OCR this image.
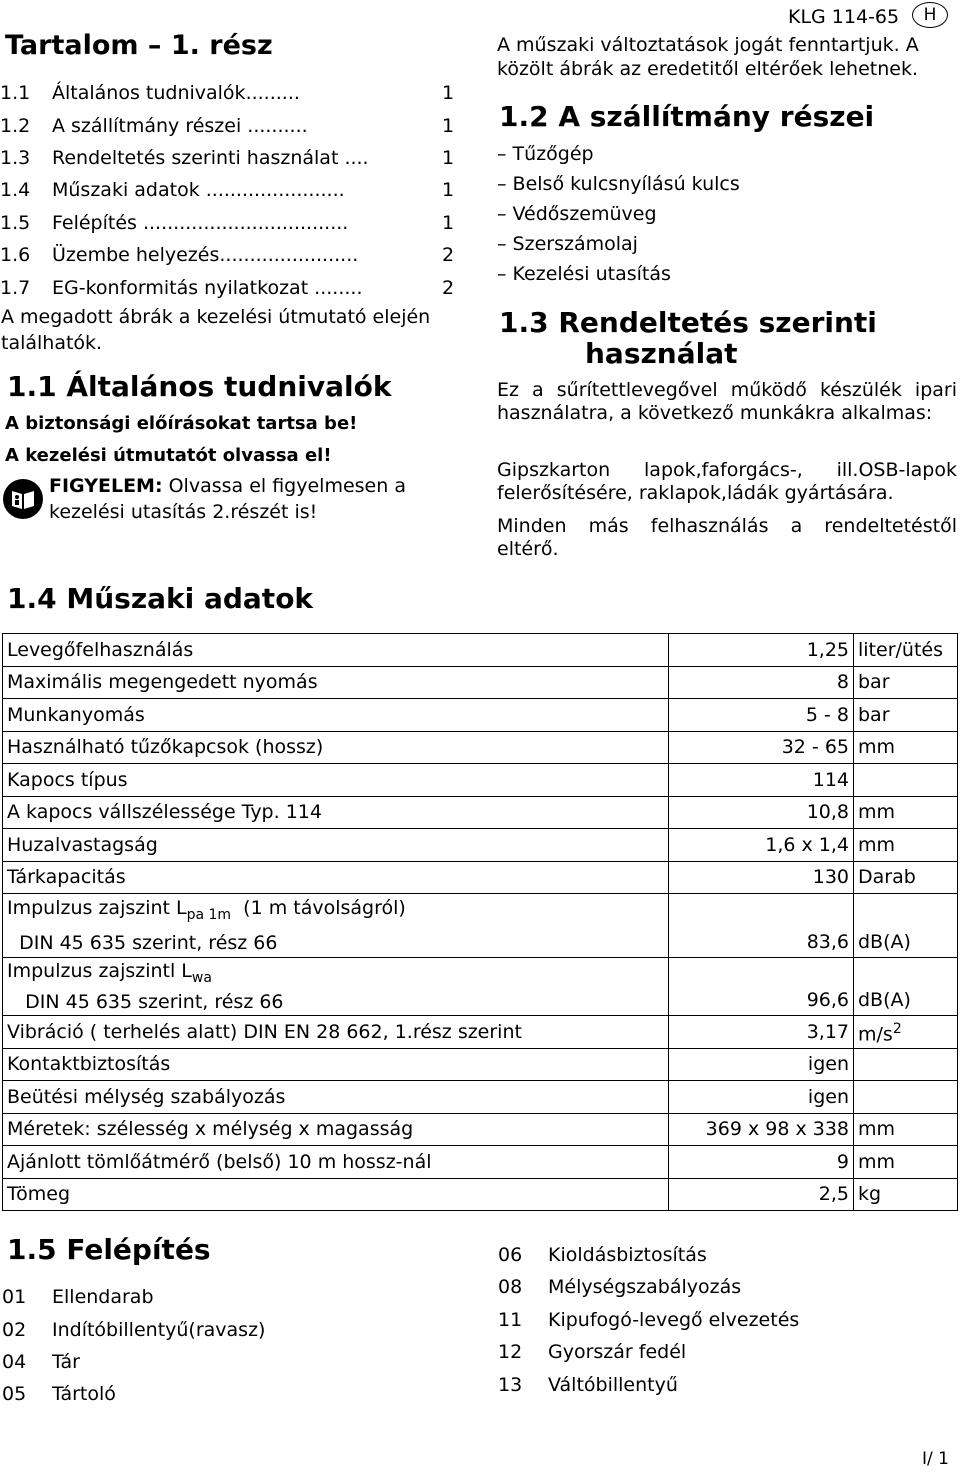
KLG 114-65	H
Tartalom – 1. rész
1.1 Általános tudnivalók.........	1
1.2 A szállítmány részei ..........	1
1.3 Rendeltetés szerinti használat ....	1
1.4 Műszaki adatok .......................	1
1.5 Felépítés ..................................	1
1.6 Üzembe helyezés.......................	2
1.7 EG-konformitás nyilatkozat ........	2
A megadott ábrák a kezelési útmutató elején találhatók.
1.1 Általános tudnivalók
A biztonsági előírásokat tartsa be!
A kezelési útmutatót olvassa el!
FIGYELEM: Olvassa el figyelmesen a
kezelési utasítás 2.részét is!
A műszaki változtatások jogát fenntartjuk. A közölt ábrák az eredetitől eltérőek lehetnek.
1.2 A szállítmány részei
– Tűzőgép
– Belső kulcsnyílású kulcs
– Védőszemüveg
– Szerszámolaj
– Kezelési utasítás
1.3 Rendeltetés szerinti
használat
Ez a sűrítettlevegővel működő készülék ipari használatra, a következő munkákra alkalmas:
Gipszkarton lapok,faforgács-, ill.OSB-lapok felerősítésére, raklapok,ládák gyártására.
Minden más felhasználás a rendeltetéstől eltérő.
1.4 Műszaki adatok
Levegőfelhasználás	1,25	liter/ütés
Maximális megengedett nyomás	8	bar
Munkanyomás	5 - 8	bar
Használható tűzőkapcsok (hossz)	32 - 65	mm
Kapocs típus	114	
A kapocs vállszélessége Typ. 114	10,8	mm
Huzalvastagság	1,6 x 1,4	mm
Tárkapacitás	130	Darab

Impulzus zajszint $L_{pa 1m}$  (1 m távolságról)
DIN 45 635 szerint, rész 66	83,6	dB(A)

Impulzus zajszintl $L_{wa}$
DIN 45 635 szerint, rész 66	96,6	dB(A)
Vibráció ( terhelés alatt) DIN EN 28 662, 1.rész szerint	3,17	$m/s^2$
Kontaktbiztosítás	igen	
Beütési mélység szabályozás	igen	
Méretek: szélesség x mélység x magasság	369 x 98 x 338	mm
Ajánlott tömlőátmérő (belső) 10 m hossz-nál	9	mm
Tömeg	2,5	kg
1.5 Felépítés
01 Ellendarab
02 Indítóbillentyű(ravasz)
04 Tár
05 Tártoló
06 Kioldásbiztosítás
08 Mélységszabályozás
11 Kipufogó-levegő elvezetés
12 Gyorszár fedél
13 Váltóbillentyű
I/ 1
